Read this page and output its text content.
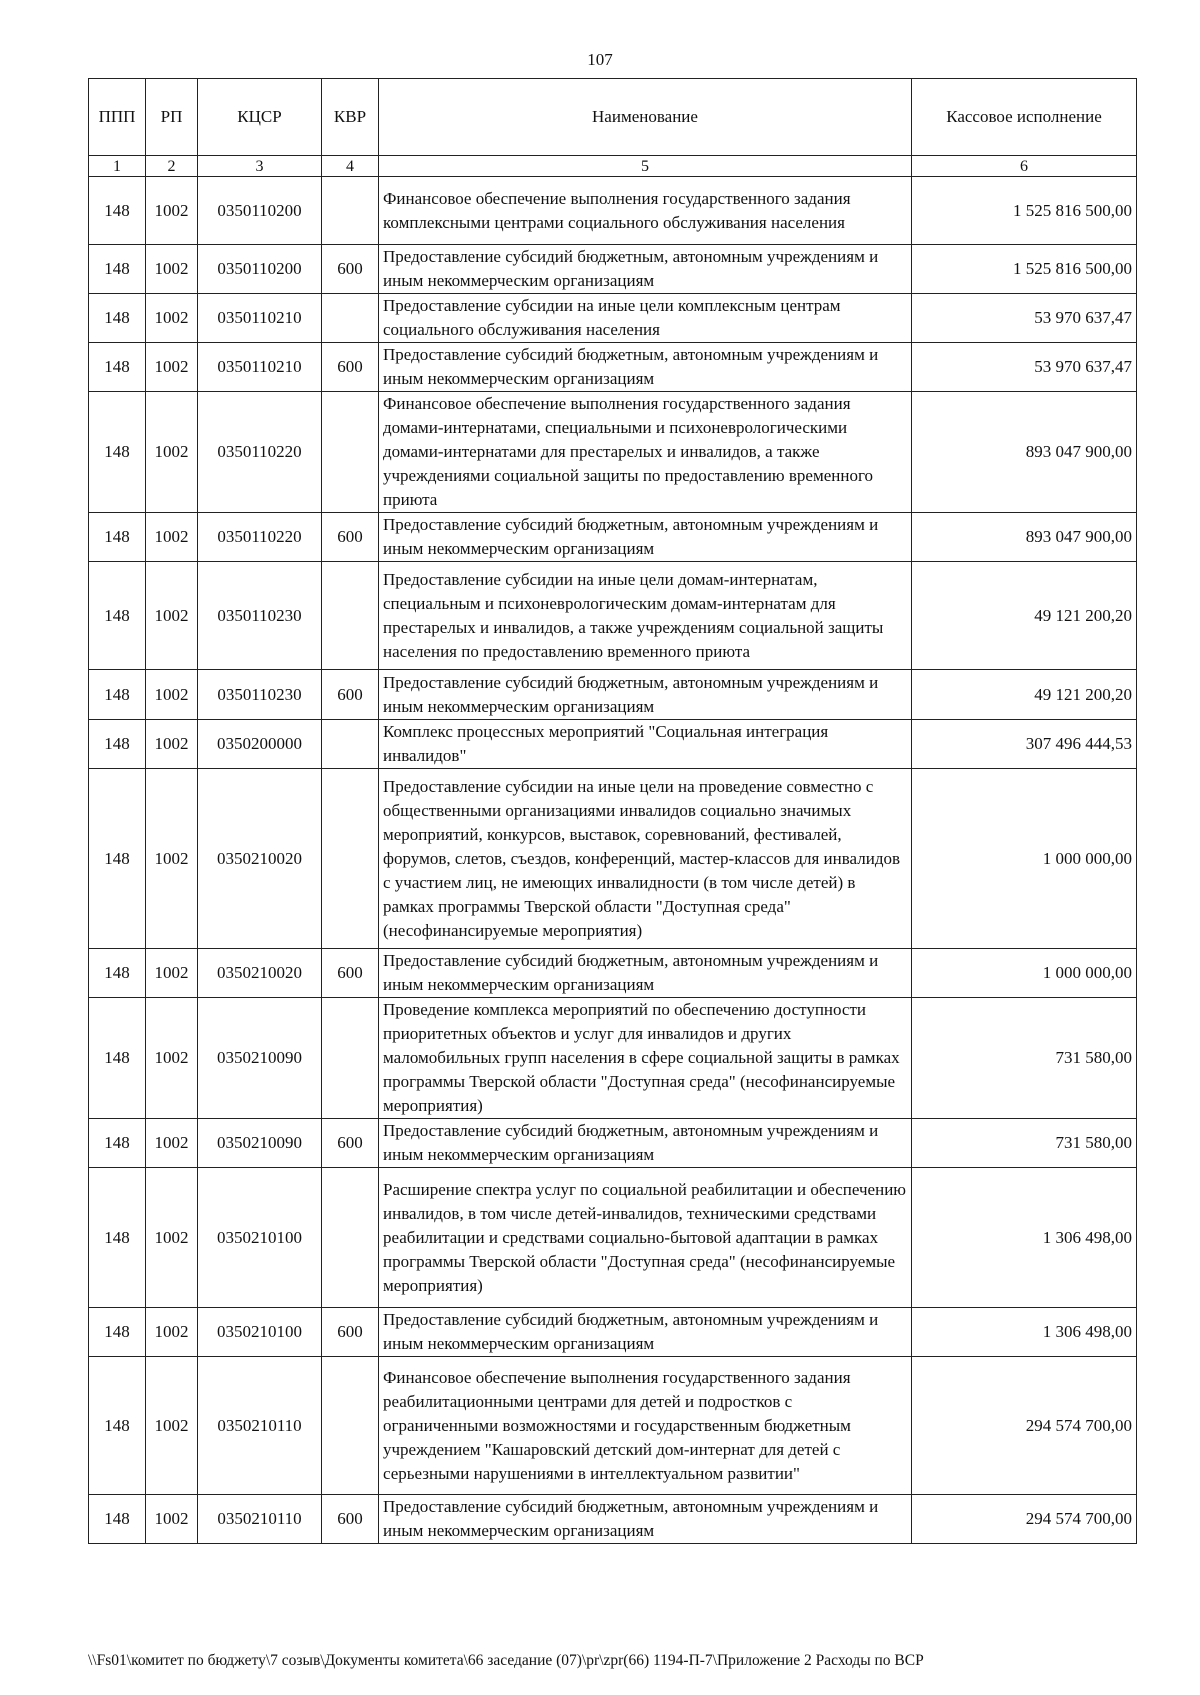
107
ППП	РП	КЦСР	КВР	Наименование	Кассовое исполнение
1	2	3	4	5	6
148	1002	0350110200		Финансовое обеспечение выполнения государственного задания комплексными центрами социального обслуживания населения	1 525 816 500,00
148	1002	0350110200	600	Предоставление субсидий бюджетным, автономным учреждениям и иным некоммерческим организациям	1 525 816 500,00
148	1002	0350110210		Предоставление субсидии на иные цели комплексным центрам социального обслуживания населения	53 970 637,47
148	1002	0350110210	600	Предоставление субсидий бюджетным, автономным учреждениям и иным некоммерческим организациям	53 970 637,47
148	1002	0350110220		Финансовое обеспечение выполнения государственного задания домами-интернатами, специальными и психоневрологическими домами-интернатами для престарелых и инвалидов, а также учреждениями социальной защиты по предоставлению временного приюта	893 047 900,00
148	1002	0350110220	600	Предоставление субсидий бюджетным, автономным учреждениям и иным некоммерческим организациям	893 047 900,00
148	1002	0350110230		Предоставление субсидии на иные цели домам-интернатам, специальным и психоневрологическим домам-интернатам для престарелых и инвалидов, а также учреждениям социальной защиты населения по предоставлению временного приюта	49 121 200,20
148	1002	0350110230	600	Предоставление субсидий бюджетным, автономным учреждениям и иным некоммерческим организациям	49 121 200,20
148	1002	0350200000		Комплекс процессных мероприятий "Социальная интеграция инвалидов"	307 496 444,53
148	1002	0350210020		Предоставление субсидии на иные цели на проведение совместно с общественными организациями инвалидов социально значимых мероприятий, конкурсов, выставок, соревнований, фестивалей, форумов, слетов, съездов, конференций, мастер-классов для инвалидов с участием лиц, не имеющих инвалидности (в том числе детей) в рамках программы Тверской области "Доступная среда" (несофинансируемые мероприятия)	1 000 000,00
148	1002	0350210020	600	Предоставление субсидий бюджетным, автономным учреждениям и иным некоммерческим организациям	1 000 000,00
148	1002	0350210090		Проведение комплекса мероприятий по обеспечению доступности приоритетных объектов и услуг для инвалидов и других маломобильных групп населения в сфере социальной защиты в рамках программы Тверской области "Доступная среда" (несофинансируемые мероприятия)	731 580,00
148	1002	0350210090	600	Предоставление субсидий бюджетным, автономным учреждениям и иным некоммерческим организациям	731 580,00
148	1002	0350210100		Расширение спектра услуг по социальной реабилитации и обеспечению инвалидов, в том числе детей-инвалидов, техническими средствами реабилитации и средствами социально-бытовой адаптации в рамках программы Тверской области "Доступная среда" (несофинансируемые мероприятия)	1 306 498,00
148	1002	0350210100	600	Предоставление субсидий бюджетным, автономным учреждениям и иным некоммерческим организациям	1 306 498,00
148	1002	0350210110		Финансовое обеспечение выполнения государственного задания реабилитационными центрами для детей и подростков с ограниченными возможностями и государственным бюджетным учреждением "Кашаровский детский дом-интернат для детей с серьезными нарушениями в интеллектуальном развитии"	294 574 700,00
148	1002	0350210110	600	Предоставление субсидий бюджетным, автономным учреждениям и иным некоммерческим организациям	294 574 700,00
\\Fs01\комитет по бюджету\7 созыв\Документы комитета\66 заседание (07)\pr\zpr(66) 1194-П-7\Приложение 2 Расходы по ВСР
